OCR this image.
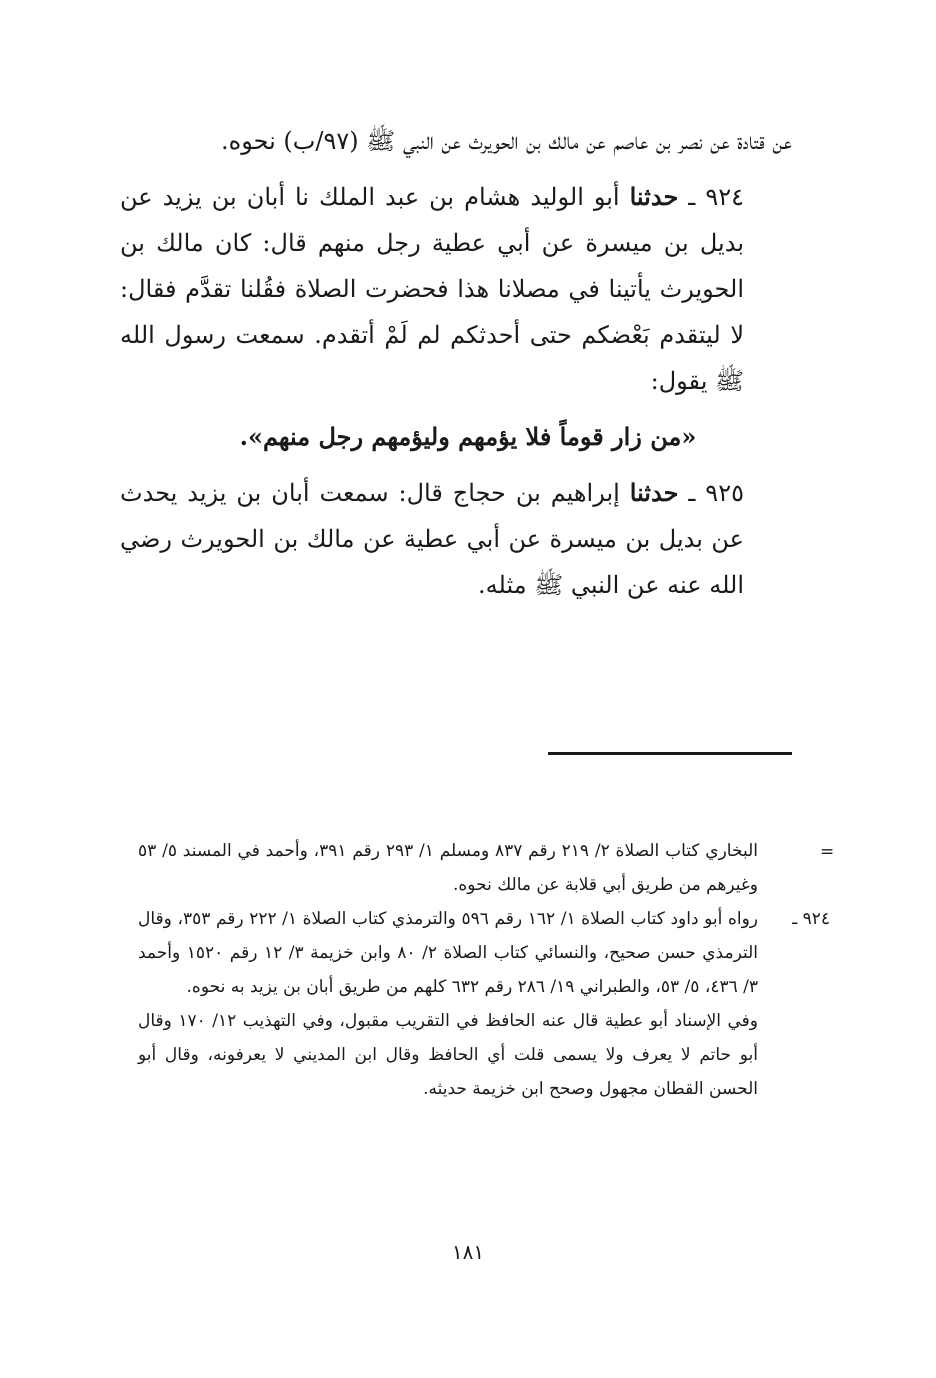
عن قتادة عن نصر بن عاصم عن مالك بن الحويرث عن النبي ﷺ (٩٧/ب) نحوه.

٩٢٤ ـ حدثنا أبو الوليد هشام بن عبد الملك نا أبان بن يزيد عن بديل بن ميسرة عن أبي عطية رجل منهم قال: كان مالك بن الحويرث يأتينا في مصلانا هذا فحضرت الصلاة فقُلنا تقدَّم فقال: لا ليتقدم بَعْضكم حتى أحدثكم لم لَمْ أتقدم. سمعت رسول الله ﷺ يقول:

«من زار قوماً فلا يؤمهم وليؤمهم رجل منهم».

٩٢٥ ـ حدثنا إبراهيم بن حجاج قال: سمعت أبان بن يزيد يحدث عن بديل بن ميسرة عن أبي عطية عن مالك بن الحويرث رضي الله عنه عن النبي ﷺ مثله.

=

البخاري كتاب الصلاة ٢/ ٢١٩ رقم ٨٣٧ ومسلم ١/ ٢٩٣ رقم ٣٩١، وأحمد في المسند ٥/ ٥٣ وغيرهم من طريق أبي قلابة عن مالك نحوه.

٩٢٤ ـ
رواه أبو داود كتاب الصلاة ١/ ١٦٢ رقم ٥٩٦ والترمذي كتاب الصلاة ١/ ٢٢٢ رقم ٣٥٣، وقال الترمذي حسن صحيح، والنسائي كتاب الصلاة ٢/ ٨٠ وابن خزيمة ٣/ ١٢ رقم ١٥٢٠ وأحمد ٣/ ٤٣٦، ٥/ ٥٣، والطبراني ١٩/ ٢٨٦ رقم ٦٣٢ كلهم من طريق أبان بن يزيد به نحوه.

وفي الإسناد أبو عطية قال عنه الحافظ في التقريب مقبول، وفي التهذيب ١٢/ ١٧٠ وقال أبو حاتم لا يعرف ولا يسمى قلت أي الحافظ وقال ابن المديني لا يعرفونه، وقال أبو الحسن القطان مجهول وصحح ابن خزيمة حديثه.

١٨١
